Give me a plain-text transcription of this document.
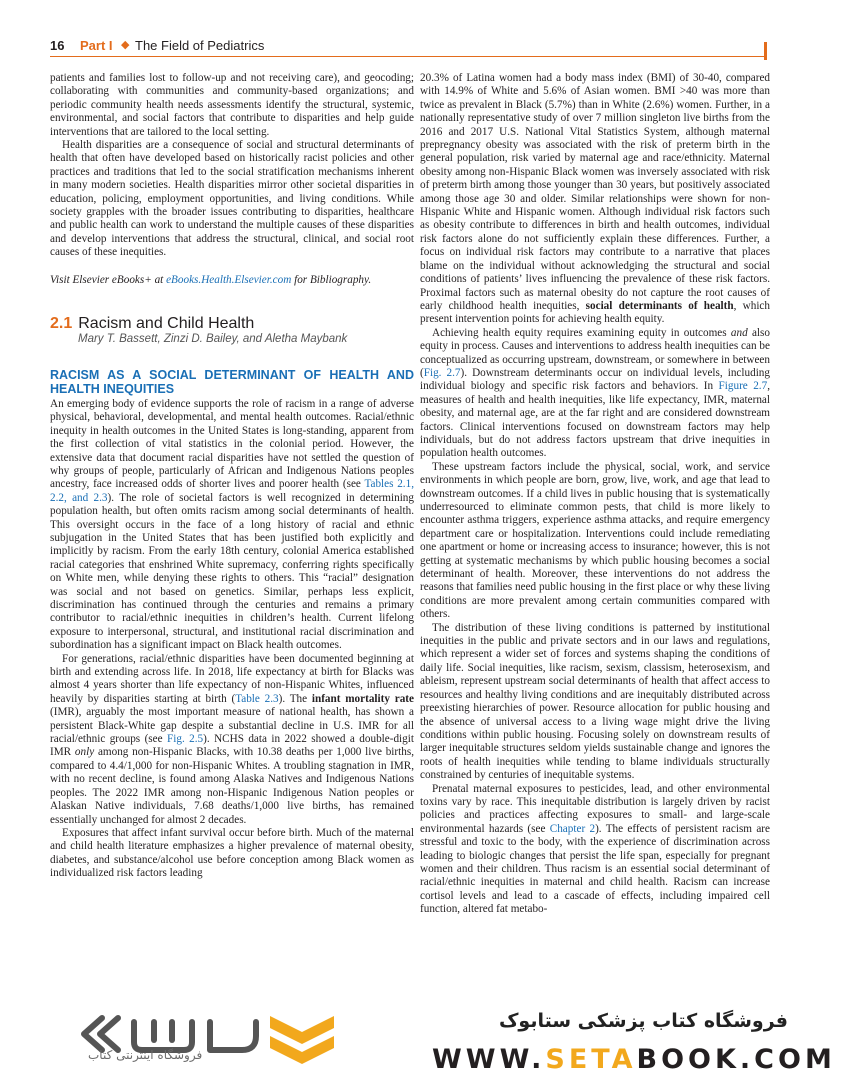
16 Part I ◆ The Field of Pediatrics

patients and families lost to follow-up and not receiving care), and geocoding; collaborating with communities and community-based organizations; and periodic community health needs assessments identify the structural, systemic, environmental, and social factors that contribute to disparities and help guide interventions that are tailored to the local setting.

Health disparities are a consequence of social and structural determinants of health that often have developed based on historically racist policies and other practices and traditions that led to the social stratification mechanisms inherent in many modern societies. Health disparities mirror other societal disparities in education, policing, employment opportunities, and living conditions. While society grapples with the broader issues contributing to disparities, healthcare and public health can work to understand the multiple causes of these disparities and develop interventions that address the structural, clinical, and social root causes of these inequities.

Visit Elsevier eBooks+ at eBooks.Health.Elsevier.com for Bibliography.

2.1 Racism and Child Health
Mary T. Bassett, Zinzi D. Bailey, and Aletha Maybank
RACISM AS A SOCIAL DETERMINANT OF HEALTH AND HEALTH INEQUITIES

An emerging body of evidence supports the role of racism in a range of adverse physical, behavioral, developmental, and mental health outcomes. Racial/ethnic inequity in health outcomes in the United States is long-standing, apparent from the first collection of vital statistics in the colonial period. However, the extensive data that document racial disparities have not settled the question of why groups of people, particularly of African and Indigenous Nations peoples ancestry, face increased odds of shorter lives and poorer health (see Tables 2.1, 2.2, and 2.3). The role of societal factors is well recognized in determining population health, but often omits racism among social determinants of health. This oversight occurs in the face of a long history of racial and ethnic subjugation in the United States that has been justified both explicitly and implicitly by racism. From the early 18th century, colonial America established racial categories that enshrined White supremacy, conferring rights specifically on White men, while denying these rights to others. This “racial” designation was social and not based on genetics. Similar, perhaps less explicit, discrimination has continued through the centuries and remains a primary contributor to racial/ethnic inequities in children’s health. Current lifelong exposure to interpersonal, structural, and institutional racial discrimination and subordination has a significant impact on Black health outcomes.

For generations, racial/ethnic disparities have been documented beginning at birth and extending across life. In 2018, life expectancy at birth for Blacks was almost 4 years shorter than life expectancy of non-Hispanic Whites, influenced heavily by disparities starting at birth (Table 2.3). The infant mortality rate (IMR), arguably the most important measure of national health, has shown a persistent Black-White gap despite a substantial decline in U.S. IMR for all racial/ethnic groups (see Fig. 2.5). NCHS data in 2022 showed a double-digit IMR only among non-Hispanic Blacks, with 10.38 deaths per 1,000 live births, compared to 4.4/1,000 for non-Hispanic Whites. A troubling stagnation in IMR, with no recent decline, is found among Alaska Natives and Indigenous Nations peoples. The 2022 IMR among non-Hispanic Indigenous Nation peoples or Alaskan Native individuals, 7.68 deaths/1,000 live births, has remained essentially unchanged for almost 2 decades.

Exposures that affect infant survival occur before birth. Much of the maternal and child health literature emphasizes a higher prevalence of maternal obesity, diabetes, and substance/alcohol use before conception among Black women as individualized risk factors leading

20.3% of Latina women had a body mass index (BMI) of 30-40, compared with 14.9% of White and 5.6% of Asian women. BMI >40 was more than twice as prevalent in Black (5.7%) than in White (2.6%) women. Further, in a nationally representative study of over 7 million singleton live births from the 2016 and 2017 U.S. National Vital Statistics System, although maternal prepregnancy obesity was associated with the risk of preterm birth in the general population, risk varied by maternal age and race/ethnicity. Maternal obesity among non-Hispanic Black women was inversely associated with risk of preterm birth among those younger than 30 years, but positively associated among those age 30 and older. Similar relationships were shown for non-Hispanic White and Hispanic women. Although individual risk factors such as obesity contribute to differences in birth and health outcomes, individual risk factors alone do not sufficiently explain these differences. Further, a focus on individual risk factors may contribute to a narrative that places blame on the individual without acknowledging the structural and social conditions of patients’ lives influencing the prevalence of these risk factors. Proximal factors such as maternal obesity do not capture the root causes of early childhood health inequities, social determinants of health, which present intervention points for achieving health equity.

Achieving health equity requires examining equity in outcomes and also equity in process. Causes and interventions to address health inequities can be conceptualized as occurring upstream, downstream, or somewhere in between (Fig. 2.7). Downstream determinants occur on individual levels, including individual biology and specific risk factors and behaviors. In Figure 2.7, measures of health and health inequities, like life expectancy, IMR, maternal obesity, and maternal age, are at the far right and are considered downstream factors. Clinical interventions focused on downstream factors may help individuals, but do not address factors upstream that drive inequities in population health outcomes.

These upstream factors include the physical, social, work, and service environments in which people are born, grow, live, work, and age that lead to downstream outcomes. If a child lives in public housing that is systematically underresourced to eliminate common pests, that child is more likely to encounter asthma triggers, experience asthma attacks, and require emergency department care or hospitalization. Interventions could include remediating one apartment or home or increasing access to insurance; however, this is not getting at systematic mechanisms by which public housing becomes a social determinant of health. Moreover, these interventions do not address the reasons that families need public housing in the first place or why these living conditions are more prevalent among certain communities compared with others.

The distribution of these living conditions is patterned by institutional inequities in the public and private sectors and in our laws and regulations, which represent a wider set of forces and systems shaping the conditions of daily life. Social inequities, like racism, sexism, classism, heterosexism, and ableism, represent upstream social determinants of health that affect access to resources and healthy living conditions and are inequitably distributed across preexisting hierarchies of power. Resource allocation for public housing and the absence of universal access to a living wage might drive the living conditions within public housing. Focusing solely on downstream results of larger inequitable structures seldom yields sustainable change and ignores the roots of health inequities while tending to blame individuals structurally constrained by centuries of inequitable systems.

Prenatal maternal exposures to pesticides, lead, and other environmental toxins vary by race. This inequitable distribution is largely driven by racist policies and practices affecting exposures to small- and large-scale environmental hazards (see Chapter 2). The effects of persistent racism are stressful and toxic to the body, with the experience of discrimination across leading to biologic changes that persist the life span, especially for pregnant women and their children. Thus racism is an essential social determinant of racial/ethnic inequities in maternal and child health. Racism can increase cortisol levels and lead to a cascade of effects, including impaired cell function, altered fat metabo-

فروشگاه اینترنتی کتاب
فروشگاه کتاب پزشکی ستابوک
WWW.SETABOOK.COM
